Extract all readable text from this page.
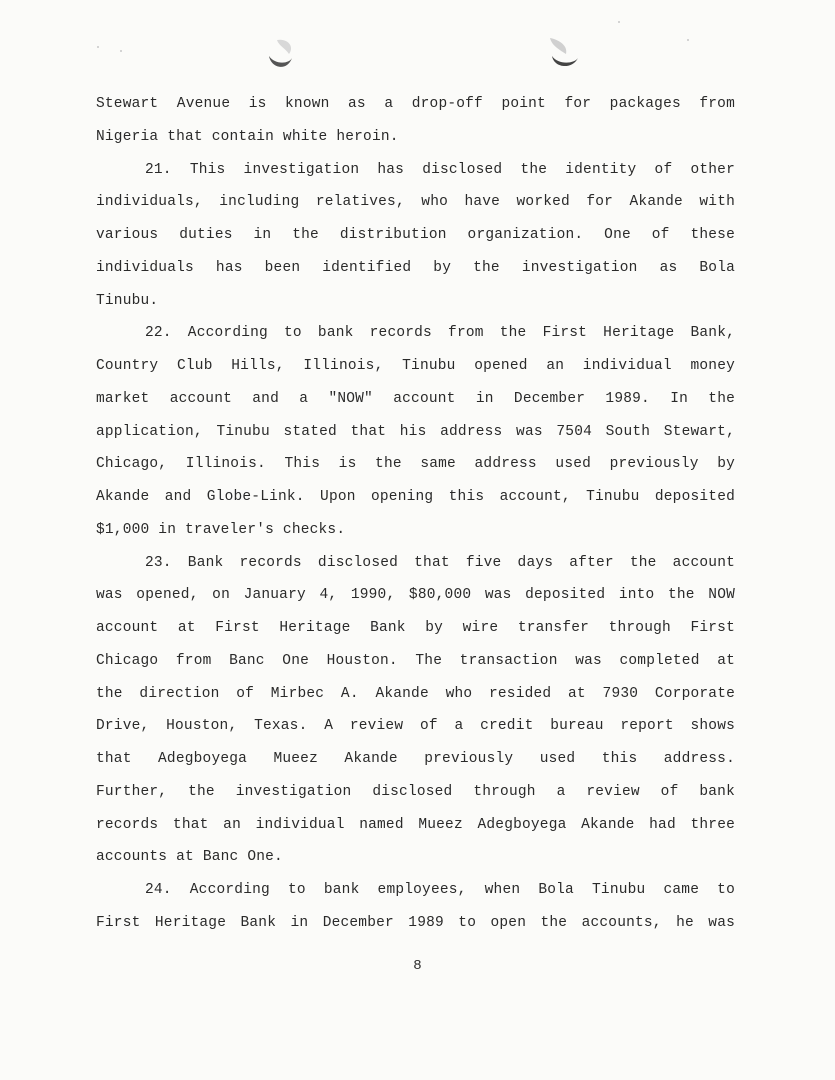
Stewart Avenue is known as a drop-off point for packages from
Nigeria that contain white heroin.
21. This investigation has disclosed the identity of other
individuals, including relatives, who have worked for Akande with
various duties in the distribution organization. One of these
individuals has been identified by the investigation as Bola
Tinubu.
22. According to bank records from the First Heritage Bank,
Country Club Hills, Illinois, Tinubu opened an individual money
market account and a "NOW" account in December 1989. In the
application, Tinubu stated that his address was 7504 South Stewart,
Chicago, Illinois. This is the same address used previously by
Akande and Globe-Link. Upon opening this account, Tinubu deposited
$1,000 in traveler's checks.
23. Bank records disclosed that five days after the account
was opened, on January 4, 1990, $80,000 was deposited into the NOW
account at First Heritage Bank by wire transfer through First
Chicago from Banc One Houston. The transaction was completed at
the direction of Mirbec A. Akande who resided at 7930 Corporate
Drive, Houston, Texas. A review of a credit bureau report shows
that Adegboyega Mueez Akande previously used this address.
Further, the investigation disclosed through a review of bank
records that an individual named Mueez Adegboyega Akande had three
accounts at Banc One.
24. According to bank employees, when Bola Tinubu came to
First Heritage Bank in December 1989 to open the accounts, he was
8
